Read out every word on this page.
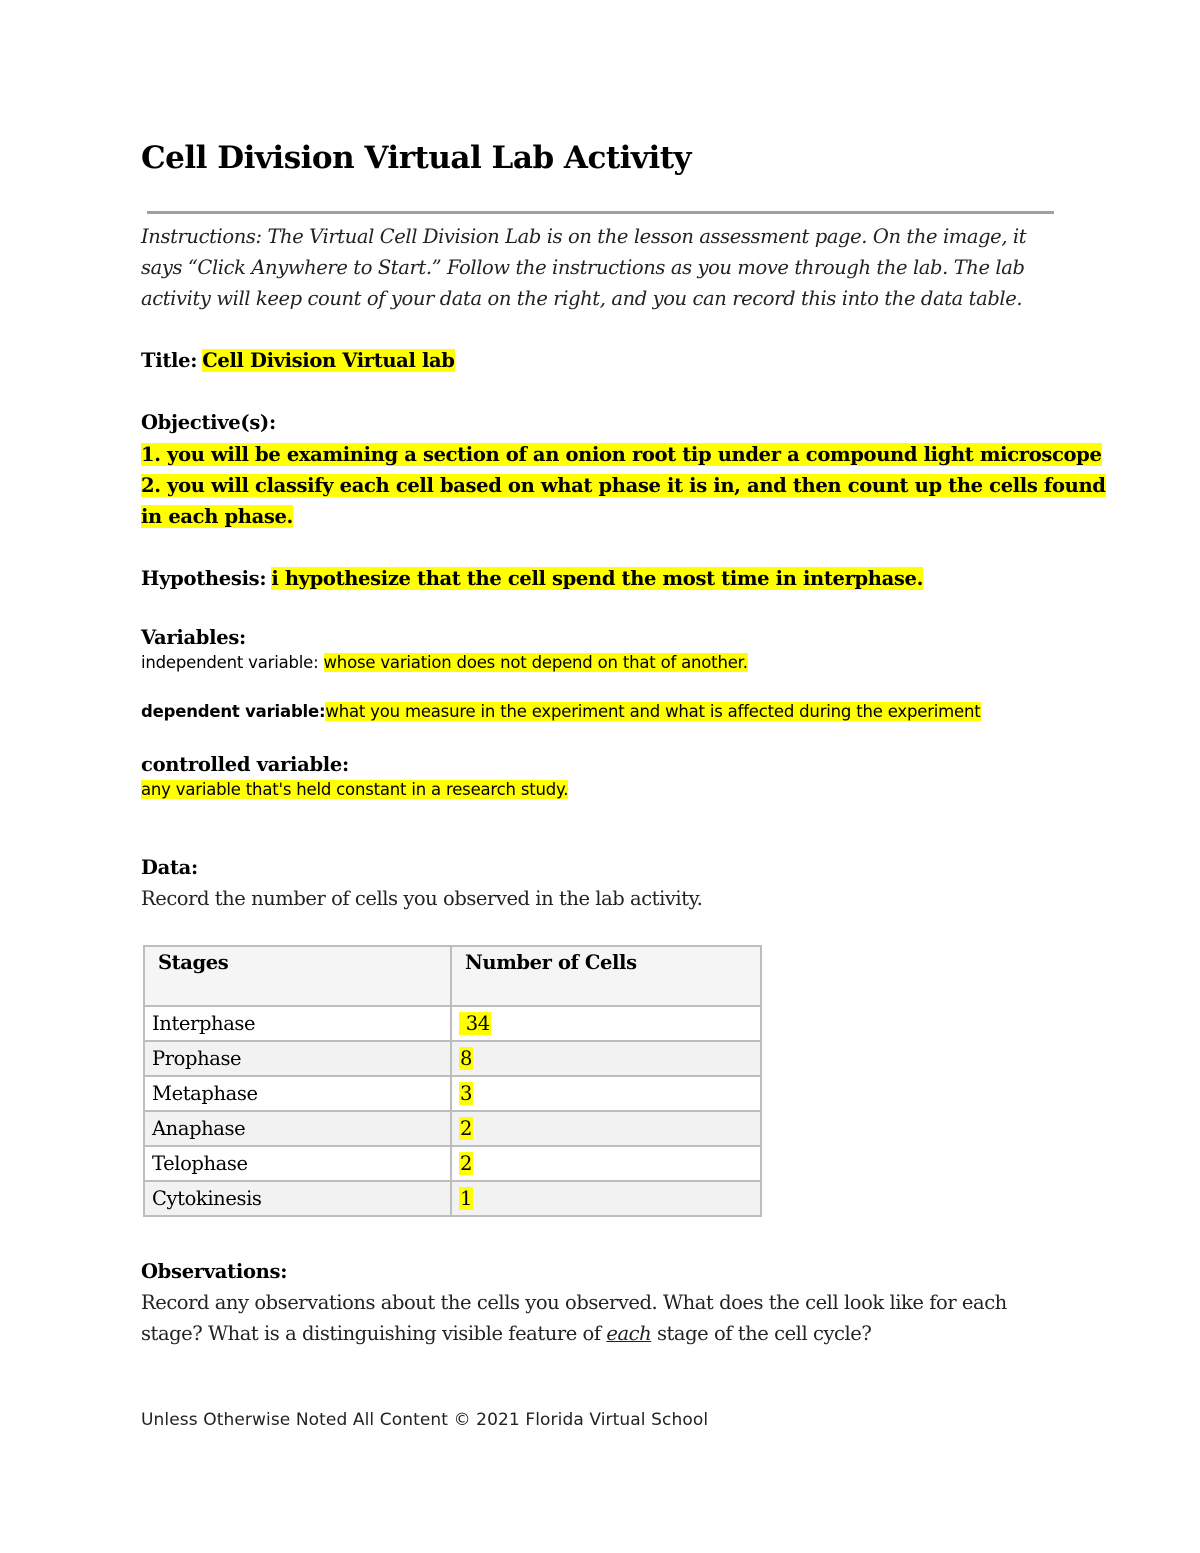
Cell Division Virtual Lab Activity
Instructions: The Virtual Cell Division Lab is on the lesson assessment page. On the image, it
says “Click Anywhere to Start.” Follow the instructions as you move through the lab. The lab
activity will keep count of your data on the right, and you can record this into the data table.
Title: Cell Division Virtual lab
Objective(s):
1. you will be examining a section of an onion root tip under a compound light microscope
2. you will classify each cell based on what phase it is in, and then count up the cells found
in each phase.
Hypothesis: i hypothesize that the cell spend the most time in interphase.
Variables:
independent variable: whose variation does not depend on that of another.
dependent variable:what you measure in the experiment and what is affected during the experiment
controlled variable:
any variable that's held constant in a research study.
Data:
Record the number of cells you observed in the lab activity.
Stages	Number of Cells
Interphase	34
Prophase	8
Metaphase	3
Anaphase	2
Telophase	2
Cytokinesis	1
Observations:
Record any observations about the cells you observed. What does the cell look like for each
stage? What is a distinguishing visible feature of each stage of the cell cycle?
Unless Otherwise Noted All Content © 2021 Florida Virtual School
